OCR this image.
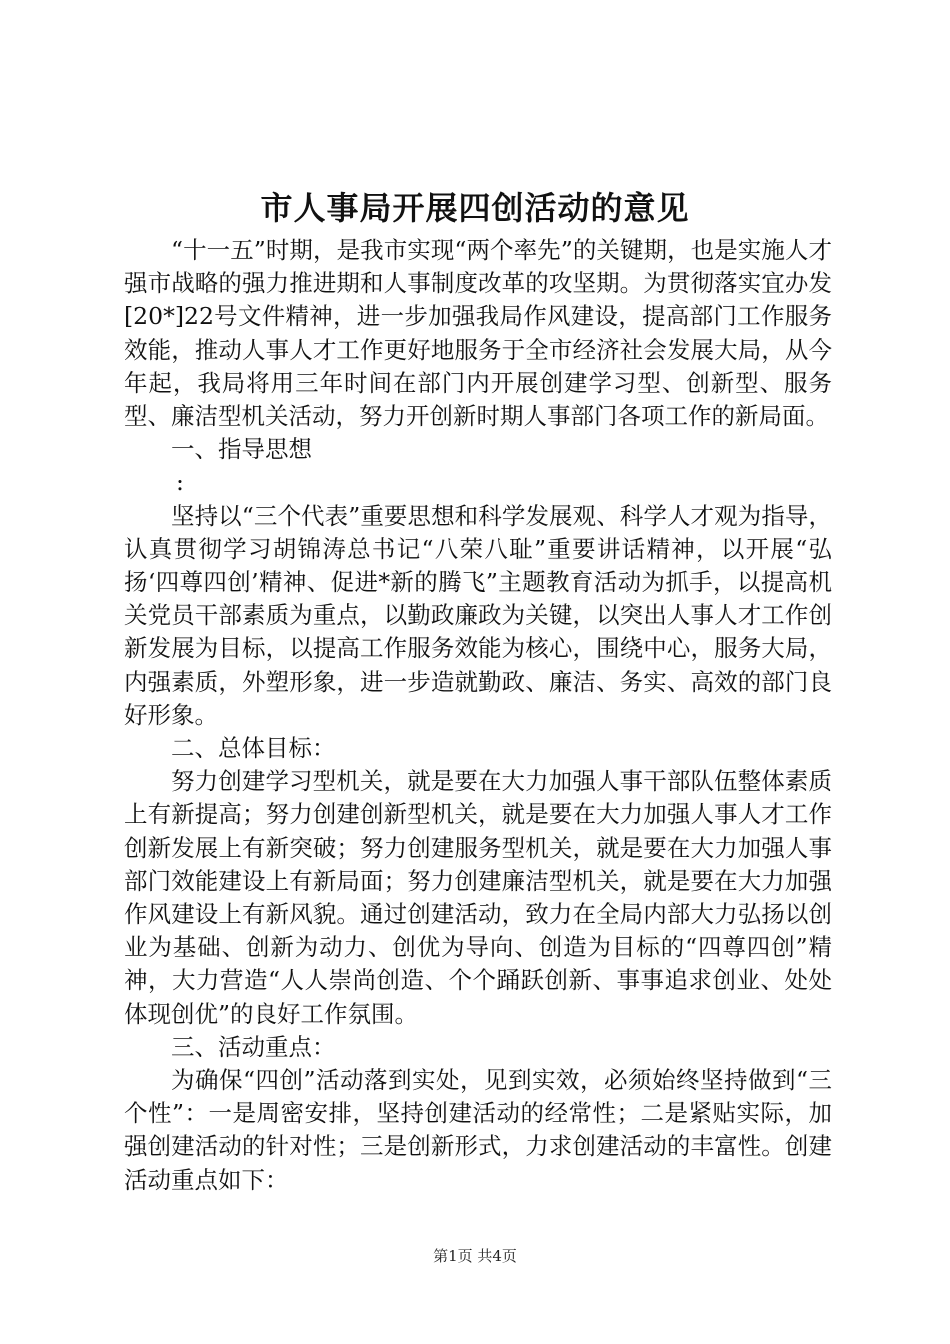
市人事局开展四创活动的意见

“十一五”时期，是我市实现“两个率先”的关键期，也是实施人才强市战略的强力推进期和人事制度改革的攻坚期。为贯彻落实宜办发[20*]22号文件精神，进一步加强我局作风建设，提高部门工作服务效能，推动人事人才工作更好地服务于全市经济社会发展大局，从今年起，我局将用三年时间在部门内开展创建学习型、创新型、服务型、廉洁型机关活动，努力开创新时期人事部门各项工作的新局面。

一、指导思想

:

坚持以“三个代表”重要思想和科学发展观、科学人才观为指导，认真贯彻学习胡锦涛总书记“八荣八耻”重要讲话精神，以开展“弘扬‘四尊四创’精神、促进*新的腾飞”主题教育活动为抓手，以提高机关党员干部素质为重点，以勤政廉政为关键，以突出人事人才工作创新发展为目标，以提高工作服务效能为核心，围绕中心，服务大局，内强素质，外塑形象，进一步造就勤政、廉洁、务实、高效的部门良好形象。

二、总体目标：

努力创建学习型机关，就是要在大力加强人事干部队伍整体素质上有新提高；努力创建创新型机关，就是要在大力加强人事人才工作创新发展上有新突破；努力创建服务型机关，就是要在大力加强人事部门效能建设上有新局面；努力创建廉洁型机关，就是要在大力加强作风建设上有新风貌。通过创建活动，致力在全局内部大力弘扬以创业为基础、创新为动力、创优为导向、创造为目标的“四尊四创”精神，大力营造“人人崇尚创造、个个踊跃创新、事事追求创业、处处体现创优”的良好工作氛围。

三、活动重点：

为确保“四创”活动落到实处，见到实效，必须始终坚持做到“三个性”：一是周密安排，坚持创建活动的经常性；二是紧贴实际，加强创建活动的针对性；三是创新形式，力求创建活动的丰富性。创建活动重点如下：

第1页 共4页
